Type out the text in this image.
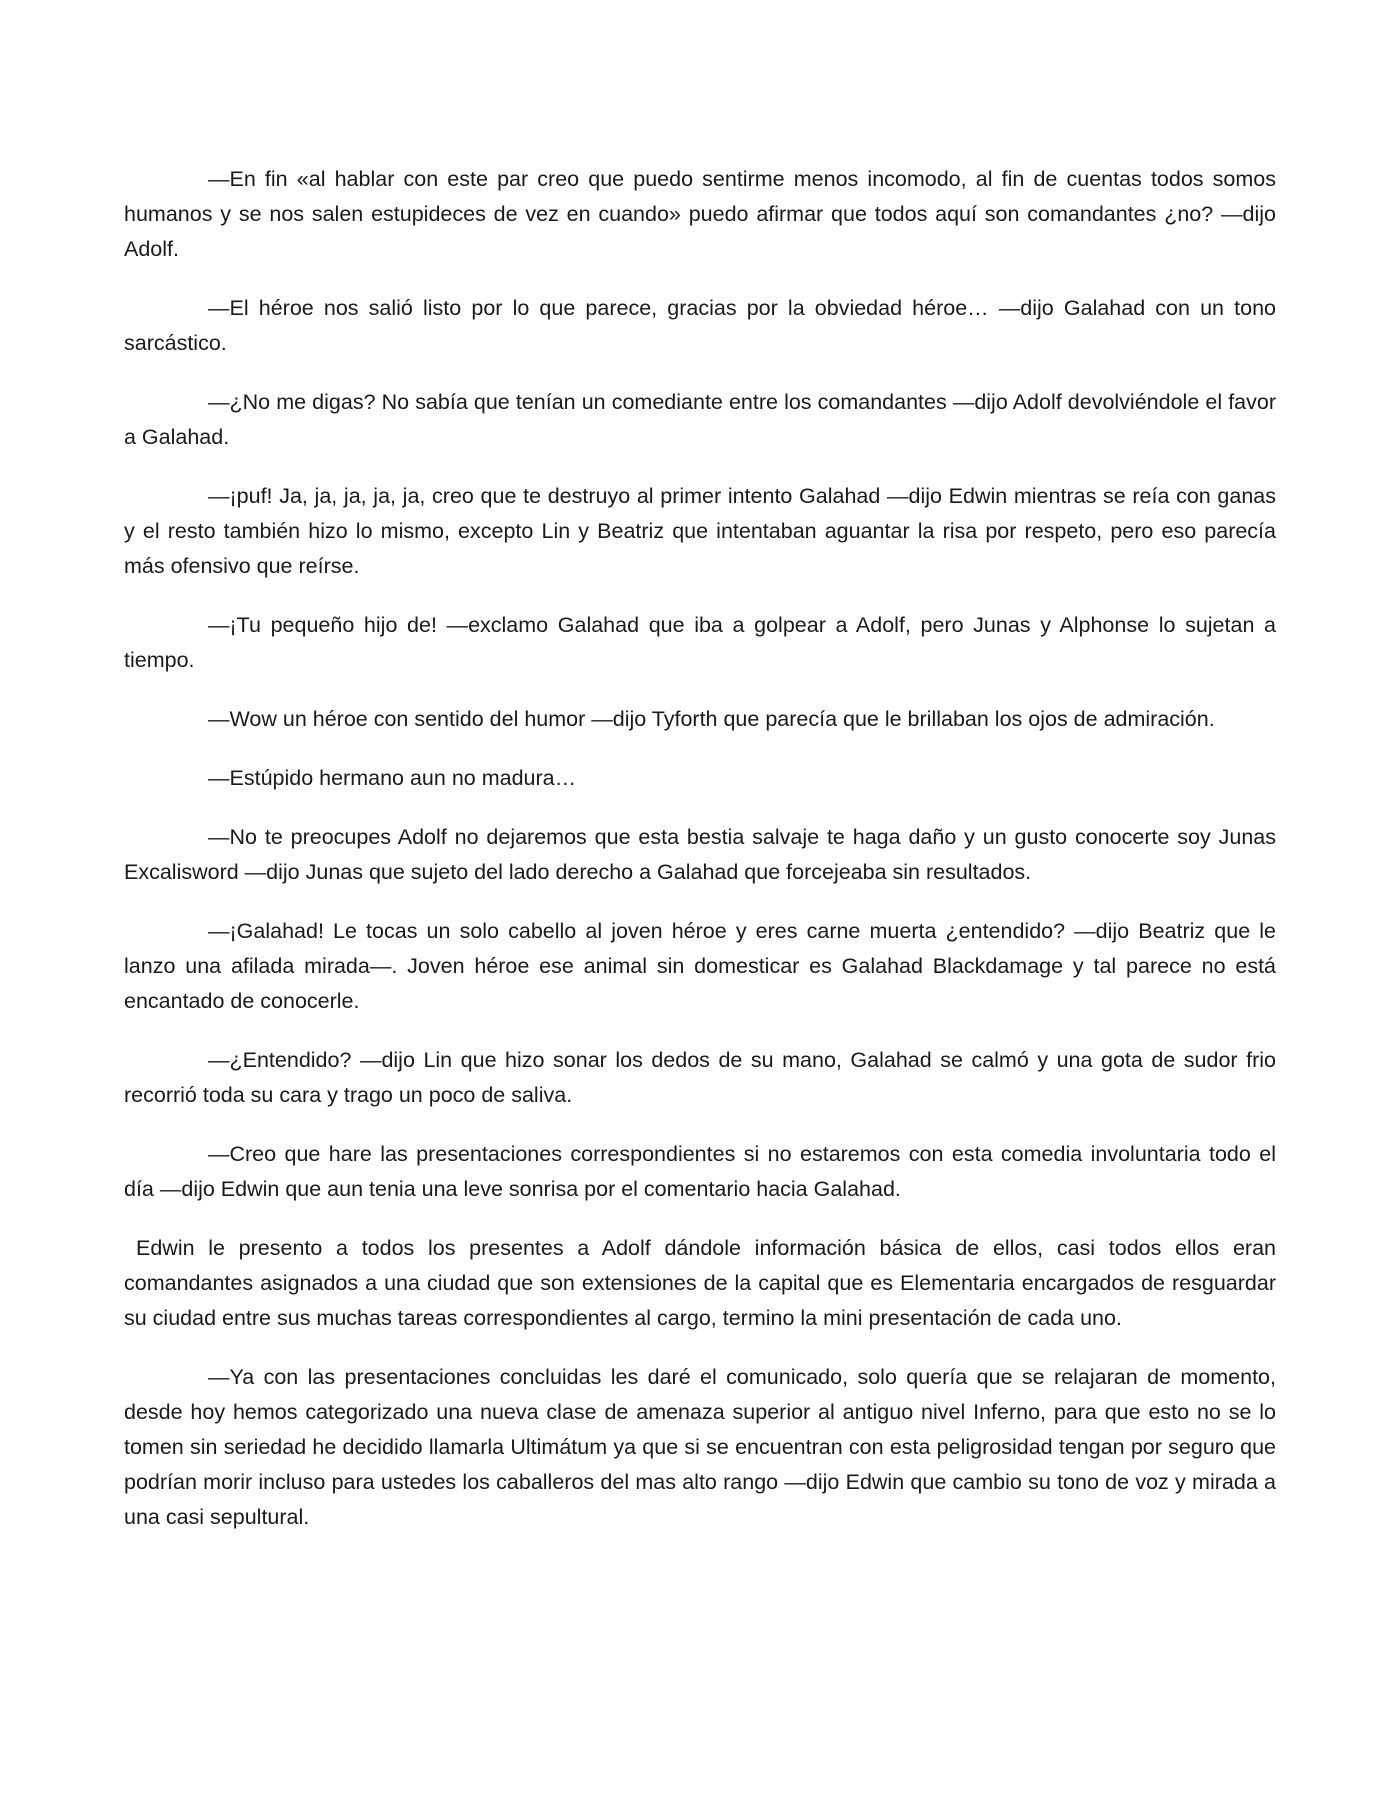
—En fin «al hablar con este par creo que puedo sentirme menos incomodo, al fin de cuentas todos somos humanos y se nos salen estupideces de vez en cuando» puedo afirmar que todos aquí son comandantes ¿no? —dijo Adolf.

—El héroe nos salió listo por lo que parece, gracias por la obviedad héroe… —dijo Galahad con un tono sarcástico.

—¿No me digas? No sabía que tenían un comediante entre los comandantes —dijo Adolf devolviéndole el favor a Galahad.

—¡puf! Ja, ja, ja, ja, ja, creo que te destruyo al primer intento Galahad —dijo Edwin mientras se reía con ganas y el resto también hizo lo mismo, excepto Lin y Beatriz que intentaban aguantar la risa por respeto, pero eso parecía más ofensivo que reírse.

—¡Tu pequeño hijo de! —exclamo Galahad que iba a golpear a Adolf, pero Junas y Alphonse lo sujetan a tiempo.

—Wow un héroe con sentido del humor —dijo Tyforth que parecía que le brillaban los ojos de admiración.

—Estúpido hermano aun no madura…

—No te preocupes Adolf no dejaremos que esta bestia salvaje te haga daño y un gusto conocerte soy Junas Excalisword —dijo Junas que sujeto del lado derecho a Galahad que forcejeaba sin resultados.

—¡Galahad! Le tocas un solo cabello al joven héroe y eres carne muerta ¿entendido? —dijo Beatriz que le lanzo una afilada mirada—. Joven héroe ese animal sin domesticar es Galahad Blackdamage y tal parece no está encantado de conocerle.

—¿Entendido? —dijo Lin que hizo sonar los dedos de su mano, Galahad se calmó y una gota de sudor frio recorrió toda su cara y trago un poco de saliva.

—Creo que hare las presentaciones correspondientes si no estaremos con esta comedia involuntaria todo el día —dijo Edwin que aun tenia una leve sonrisa por el comentario hacia Galahad.

Edwin le presento a todos los presentes a Adolf dándole información básica de ellos, casi todos ellos eran comandantes asignados a una ciudad que son extensiones de la capital que es Elementaria encargados de resguardar su ciudad entre sus muchas tareas correspondientes al cargo, termino la mini presentación de cada uno.

—Ya con las presentaciones concluidas les daré el comunicado, solo quería que se relajaran de momento, desde hoy hemos categorizado una nueva clase de amenaza superior al antiguo nivel Inferno, para que esto no se lo tomen sin seriedad he decidido llamarla Ultimátum ya que si se encuentran con esta peligrosidad tengan por seguro que podrían morir incluso para ustedes los caballeros del mas alto rango —dijo Edwin que cambio su tono de voz y mirada a una casi sepultural.
